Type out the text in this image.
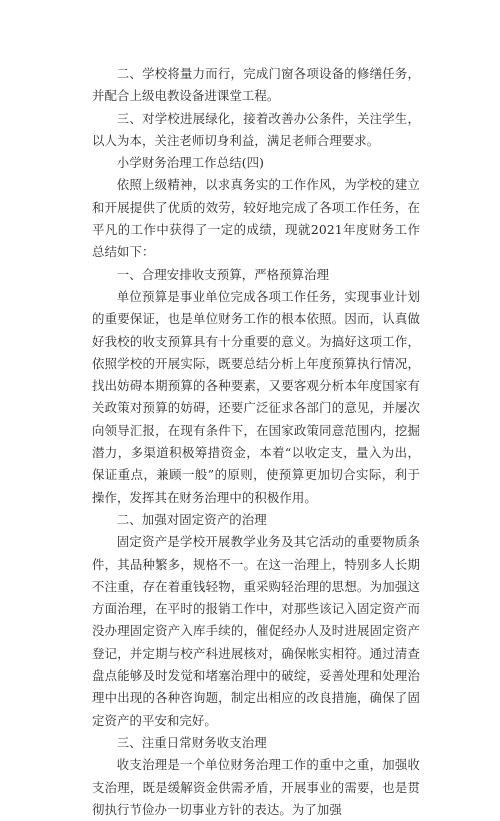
二、学校将量力而行，完成门窗各项设备的修缮任务，并配合上级电教设备进课堂工程。

三、对学校进展绿化，接着改善办公条件，关注学生，以人为本，关注老师切身利益，满足老师合理要求。

小学财务治理工作总结(四)

依照上级精神，以求真务实的工作作风，为学校的建立和开展提供了优质的效劳，较好地完成了各项工作任务，在平凡的工作中获得了一定的成绩，现就2021年度财务工作总结如下：

一、合理安排收支预算，严格预算治理

单位预算是事业单位完成各项工作任务，实现事业计划的重要保证，也是单位财务工作的根本依照。因而，认真做好我校的收支预算具有十分重要的意义。为搞好这项工作，依照学校的开展实际，既要总结分析上年度预算执行情况，找出妨碍本期预算的各种要素，又要客观分析本年度国家有关政策对预算的妨碍，还要广泛征求各部门的意见，并屡次向领导汇报，在现有条件下，在国家政策同意范围内，挖掘潜力，多渠道积极筹措资金，本着“以收定支，量入为出，保证重点，兼顾一般”的原则，使预算更加切合实际，利于操作，发挥其在财务治理中的积极作用。

二、加强对固定资产的治理

固定资产是学校开展教学业务及其它活动的重要物质条件，其品种繁多，规格不一。在这一治理上，特别多人长期不注重，存在着重钱轻物，重采购轻治理的思想。为加强这方面治理，在平时的报销工作中，对那些该记入固定资产而没办理固定资产入库手续的，催促经办人及时进展固定资产登记，并定期与校产科进展核对，确保帐实相符。通过清查盘点能够及时发觉和堵塞治理中的破绽，妥善处理和处理治理中出现的各种咨询题，制定出相应的改良措施，确保了固定资产的平安和完好。

三、注重日常财务收支治理

收支治理是一个单位财务治理工作的重中之重，加强收支治理，既是缓解资金供需矛盾，开展事业的需要，也是贯彻执行节俭办一切事业方针的表达。为了加强
